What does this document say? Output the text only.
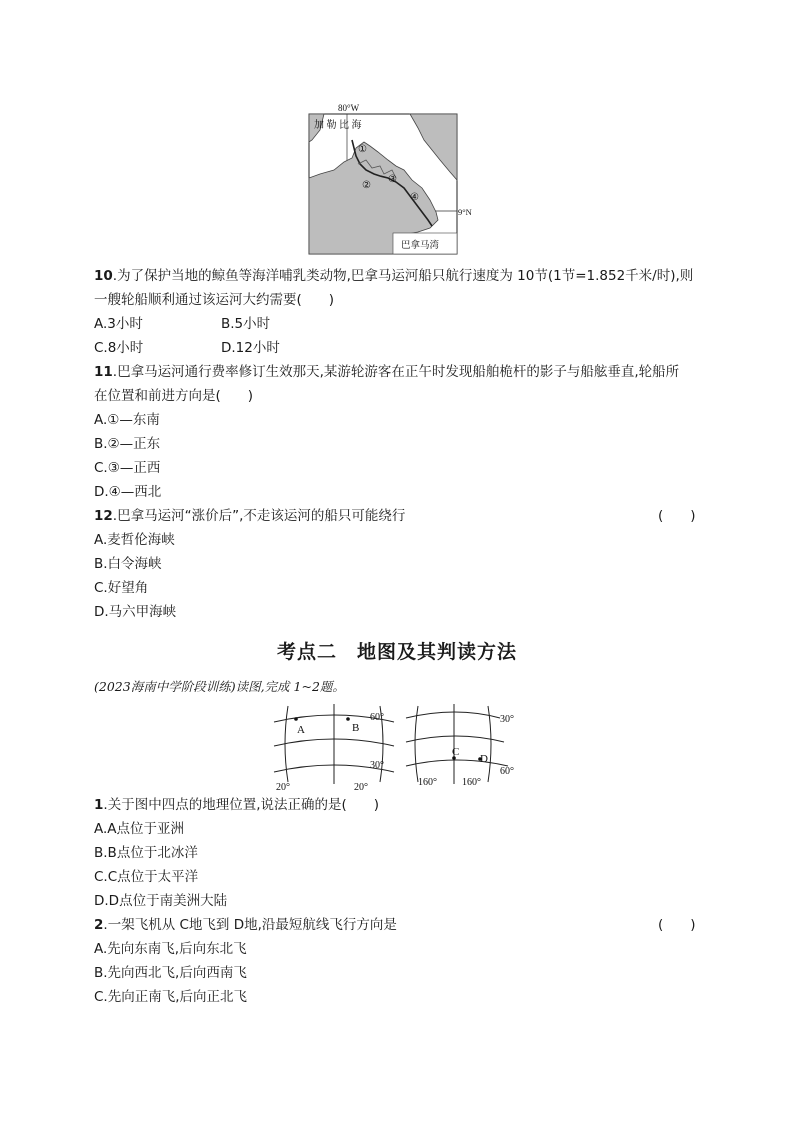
80°W
9°N
加 勒 比 海
巴拿马湾
①
②
③
④
10.为了保护当地的鲸鱼等海洋哺乳类动物,巴拿马运河船只航行速度为 10节(1节=1.852千米/时),则
一艘轮船顺利通过该运河大约需要(　　)
A.3小时	B.5小时
C.8小时	D.12小时
11.巴拿马运河通行费率修订生效那天,某游轮游客在正午时发现船舶桅杆的影子与船舷垂直,轮船所
在位置和前进方向是(　　)
A.①—东南
B.②—正东
C.③—正西
D.④—西北
12.巴拿马运河“涨价后”,不走该运河的船只可能绕行	(　　)
A.麦哲伦海峡
B.白令海峡
C.好望角
D.马六甲海峡
考点二　地图及其判读方法
(2023海南中学阶段训练)读图,完成 1~2题。
A	B
60°
30°
20°	20°
C
D
30°
60°
160°	160°
1.关于图中四点的地理位置,说法正确的是(　　)
A.A点位于亚洲
B.B点位于北冰洋
C.C点位于太平洋
D.D点位于南美洲大陆
2.一架飞机从 C地飞到 D地,沿最短航线飞行方向是	(　　)
A.先向东南飞,后向东北飞
B.先向西北飞,后向西南飞
C.先向正南飞,后向正北飞
